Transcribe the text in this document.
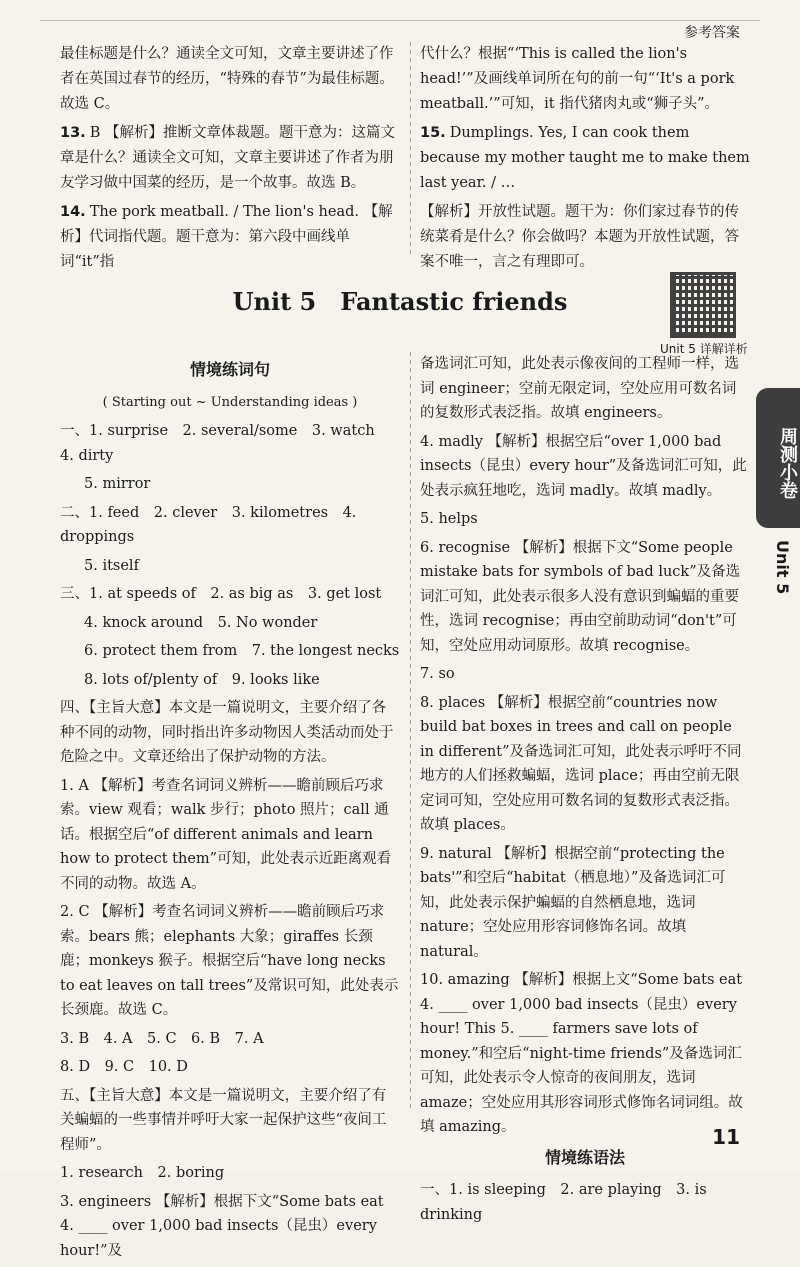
参考答案

最佳标题是什么？通读全文可知，文章主要讲述了作者在英国过春节的经历，“特殊的春节”为最佳标题。故选 C。

13. B 【解析】推断文章体裁题。题干意为：这篇文章是什么？通读全文可知，文章主要讲述了作者为朋友学习做中国菜的经历，是一个故事。故选 B。

14. The pork meatball. / The lion's head. 【解析】代词指代题。题干意为：第六段中画线单词“it”指

代什么？根据“‘This is called the lion's head!’”及画线单词所在句的前一句“‘It's a pork meatball.’”可知，it 指代猪肉丸或“狮子头”。

15. Dumplings. Yes, I can cook them because my mother taught me to make them last year. / …

【解析】开放性试题。题干为：你们家过春节的传统菜肴是什么？你会做吗？本题为开放性试题，答案不唯一，言之有理即可。

Unit 5　Fantastic friends
Unit 5 详解详析
周测小卷
Unit 5
情境练词句

( Starting out ~ Understanding ideas )

一、1. surprise　2. several/some　3. watch　4. dirty

5. mirror

二、1. feed　2. clever　3. kilometres　4. droppings

5. itself

三、1. at speeds of　2. as big as　3. get lost

4. knock around　5. No wonder

6. protect them from　7. the longest necks

8. lots of/plenty of　9. looks like

四、【主旨大意】本文是一篇说明文，主要介绍了各种不同的动物，同时指出许多动物因人类活动而处于危险之中。文章还给出了保护动物的方法。

1. A 【解析】考查名词词义辨析——瞻前顾后巧求索。view 观看；walk 步行；photo 照片；call 通话。根据空后“of different animals and learn how to protect them”可知，此处表示近距离观看不同的动物。故选 A。

2. C 【解析】考查名词词义辨析——瞻前顾后巧求索。bears 熊；elephants 大象；giraffes 长颈鹿；monkeys 猴子。根据空后“have long necks to eat leaves on tall trees”及常识可知，此处表示长颈鹿。故选 C。

3. B　4. A　5. C　6. B　7. A

8. D　9. C　10. D

五、【主旨大意】本文是一篇说明文，主要介绍了有关蝙蝠的一些事情并呼吁大家一起保护这些“夜间工程师”。

1. research　2. boring

3. engineers 【解析】根据下文“Some bats eat 4. ____ over 1,000 bad insects（昆虫）every hour!”及

备选词汇可知，此处表示像夜间的工程师一样，选词 engineer；空前无限定词，空处应用可数名词的复数形式表泛指。故填 engineers。

4. madly 【解析】根据空后“over 1,000 bad insects（昆虫）every hour”及备选词汇可知，此处表示疯狂地吃，选词 madly。故填 madly。

5. helps

6. recognise 【解析】根据下文“Some people mistake bats for symbols of bad luck”及备选词汇可知，此处表示很多人没有意识到蝙蝠的重要性，选词 recognise；再由空前助动词“don't”可知，空处应用动词原形。故填 recognise。

7. so

8. places 【解析】根据空前“countries now build bat boxes in trees and call on people in different”及备选词汇可知，此处表示呼吁不同地方的人们拯救蝙蝠，选词 place；再由空前无限定词可知，空处应用可数名词的复数形式表泛指。故填 places。

9. natural 【解析】根据空前“protecting the bats'”和空后“habitat（栖息地）”及备选词汇可知，此处表示保护蝙蝠的自然栖息地，选词 nature；空处应用形容词修饰名词。故填 natural。

10. amazing 【解析】根据上文“Some bats eat 4. ____ over 1,000 bad insects（昆虫）every hour! This 5. ____ farmers save lots of money.”和空后“night-time friends”及备选词汇可知，此处表示令人惊奇的夜间朋友，选词 amaze；空处应用其形容词形式修饰名词词组。故填 amazing。

情境练语法

一、1. is sleeping　2. are playing　3. is drinking

11
